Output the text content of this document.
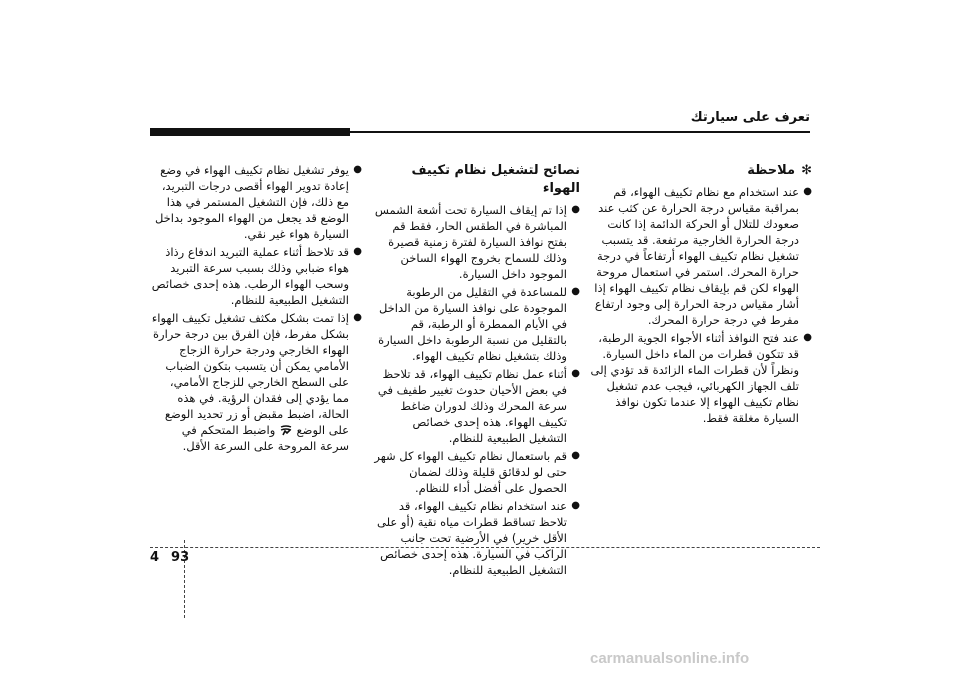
تعرف على سيارتك
✻
ملاحظة
●
عند استخدام مع نظام تكييف الهواء، قم بمراقبة مقياس درجة الحرارة عن كثب عند صعودك للتلال أو الحركة الدائمة إذا كانت درجة الحرارة الخارجية مرتفعة. قد يتسبب تشغيل نظام تكييف الهواء أرتفاعاً في درجة حرارة المحرك. استمر في استعمال مروحة الهواء لكن قم بإيقاف نظام تكييف الهواء إذا أشار مقياس درجة الحرارة إلى وجود ارتفاع مفرط في درجة حرارة المحرك.
●
عند فتح النوافذ أثناء الأجواء الجوية الرطبة، قد تتكون قطرات من الماء داخل السيارة. ونظراً لأن قطرات الماء الزائدة قد تؤدي إلى تلف الجهاز الكهربائي، فيجب عدم تشغيل نظام تكييف الهواء إلا عندما تكون نوافذ السيارة مغلقة فقط.
نصائح لتشغيل نظام تكييف الهواء
●
إذا تم إيقاف السيارة تحت أشعة الشمس المباشرة في الطقس الحار، فقط قم بفتح نوافذ السيارة لفترة زمنية قصيرة وذلك للسماح بخروج الهواء الساخن الموجود داخل السيارة.
●
للمساعدة في التقليل من الرطوبة الموجودة على نوافذ السيارة من الداخل في الأيام الممطرة أو الرطبة، قم بالتقليل من نسبة الرطوبة داخل السيارة وذلك بتشغيل نظام تكييف الهواء.
●
أثناء عمل نظام تكييف الهواء، قد تلاحظ في بعض الأحيان حدوث تغيير طفيف في سرعة المحرك وذلك لدوران ضاغط تكييف الهواء. هذه إحدى خصائص التشغيل الطبيعية للنظام.
●
قم باستعمال نظام تكييف الهواء كل شهر حتى لو لدقائق قليلة وذلك لضمان الحصول على أفضل أداء للنظام.
●
عند استخدام نظام تكييف الهواء، قد تلاحظ تساقط قطرات مياه نقية (أو على الأقل خرير) في الأرضية تحت جانب الراكب في السيارة. هذه إحدى خصائص التشغيل الطبيعية للنظام.
●
يوفر تشغيل نظام تكييف الهواء في وضع إعادة تدوير الهواء أقصى درجات التبريد، مع ذلك، فإن التشغيل المستمر في هذا الوضع قد يجعل من الهواء الموجود بداخل السيارة هواء غير نقي.
●
قد تلاحظ أثناء عملية التبريد اندفاع رذاذ هواء ضبابي وذلك بسبب سرعة التبريد وسحب الهواء الرطب. هذه إحدى خصائص التشغيل الطبيعية للنظام.
●
إذا تمت بشكل مكثف تشغيل تكييف الهواء بشكل مفرط، فإن الفرق بين درجة حرارة الهواء الخارجي ودرجة حرارة الزجاج الأمامي يمكن أن يتسبب بتكون الضباب على السطح الخارجي للزجاج الأمامي، مما يؤدي إلى فقدان الرؤية. في هذه الحالة، اضبط مقبض أو زر تحديد الوضع على الوضع  واضبط المتحكم في سرعة المروحة على السرعة الأقل.
4 93
carmanualsonline.info
